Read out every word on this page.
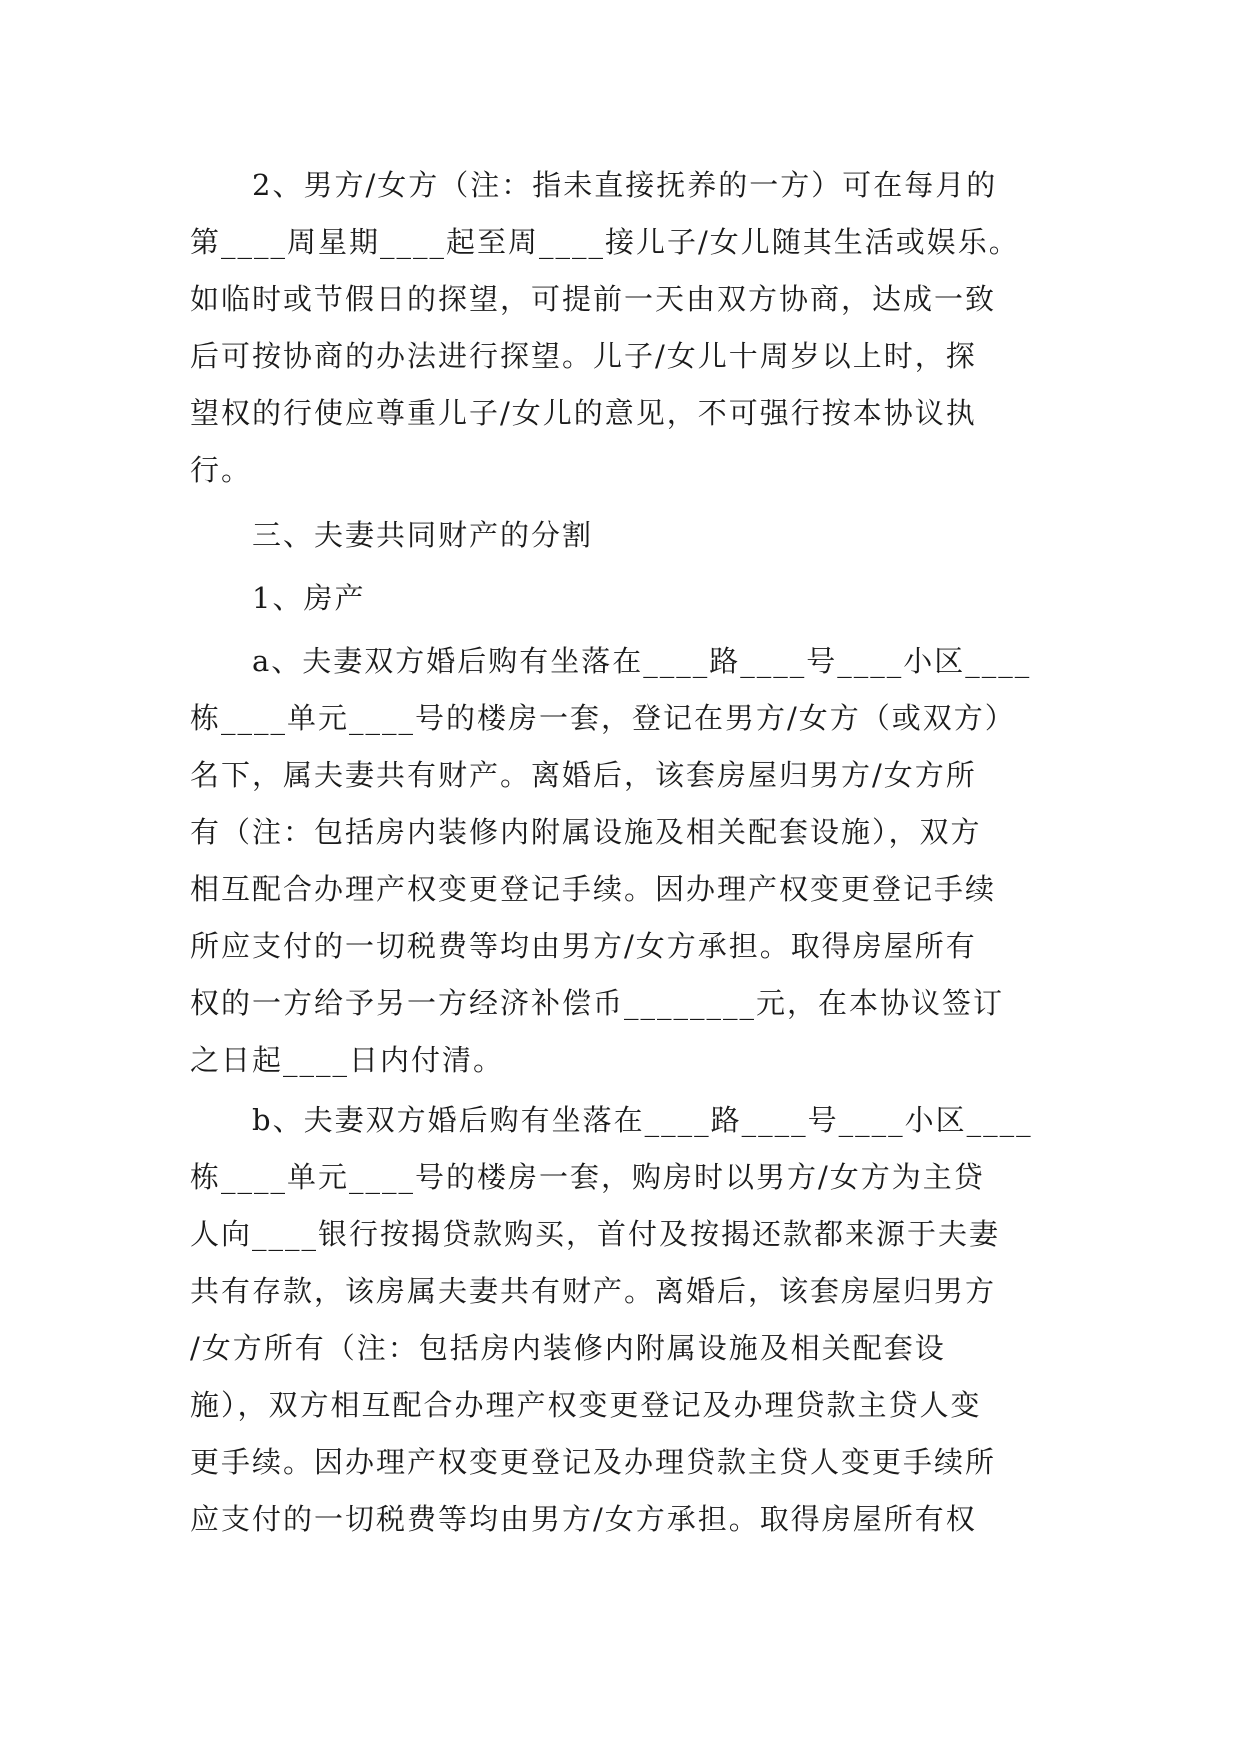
2、男方/女方（注：指未直接抚养的一方）可在每月的
第____周星期____起至周____接儿子/女儿随其生活或娱乐。
如临时或节假日的探望，可提前一天由双方协商，达成一致
后可按协商的办法进行探望。儿子/女儿十周岁以上时，探
望权的行使应尊重儿子/女儿的意见，不可强行按本协议执
行。
三、夫妻共同财产的分割
1、房产
a、夫妻双方婚后购有坐落在____路____号____小区____
栋____单元____号的楼房一套，登记在男方/女方（或双方）
名下，属夫妻共有财产。离婚后，该套房屋归男方/女方所
有（注：包括房内装修内附属设施及相关配套设施），双方
相互配合办理产权变更登记手续。因办理产权变更登记手续
所应支付的一切税费等均由男方/女方承担。取得房屋所有
权的一方给予另一方经济补偿币________元，在本协议签订
之日起____日内付清。
b、夫妻双方婚后购有坐落在____路____号____小区____
栋____单元____号的楼房一套，购房时以男方/女方为主贷
人向____银行按揭贷款购买，首付及按揭还款都来源于夫妻
共有存款，该房属夫妻共有财产。离婚后，该套房屋归男方
/女方所有（注：包括房内装修内附属设施及相关配套设
施），双方相互配合办理产权变更登记及办理贷款主贷人变
更手续。因办理产权变更登记及办理贷款主贷人变更手续所
应支付的一切税费等均由男方/女方承担。取得房屋所有权
